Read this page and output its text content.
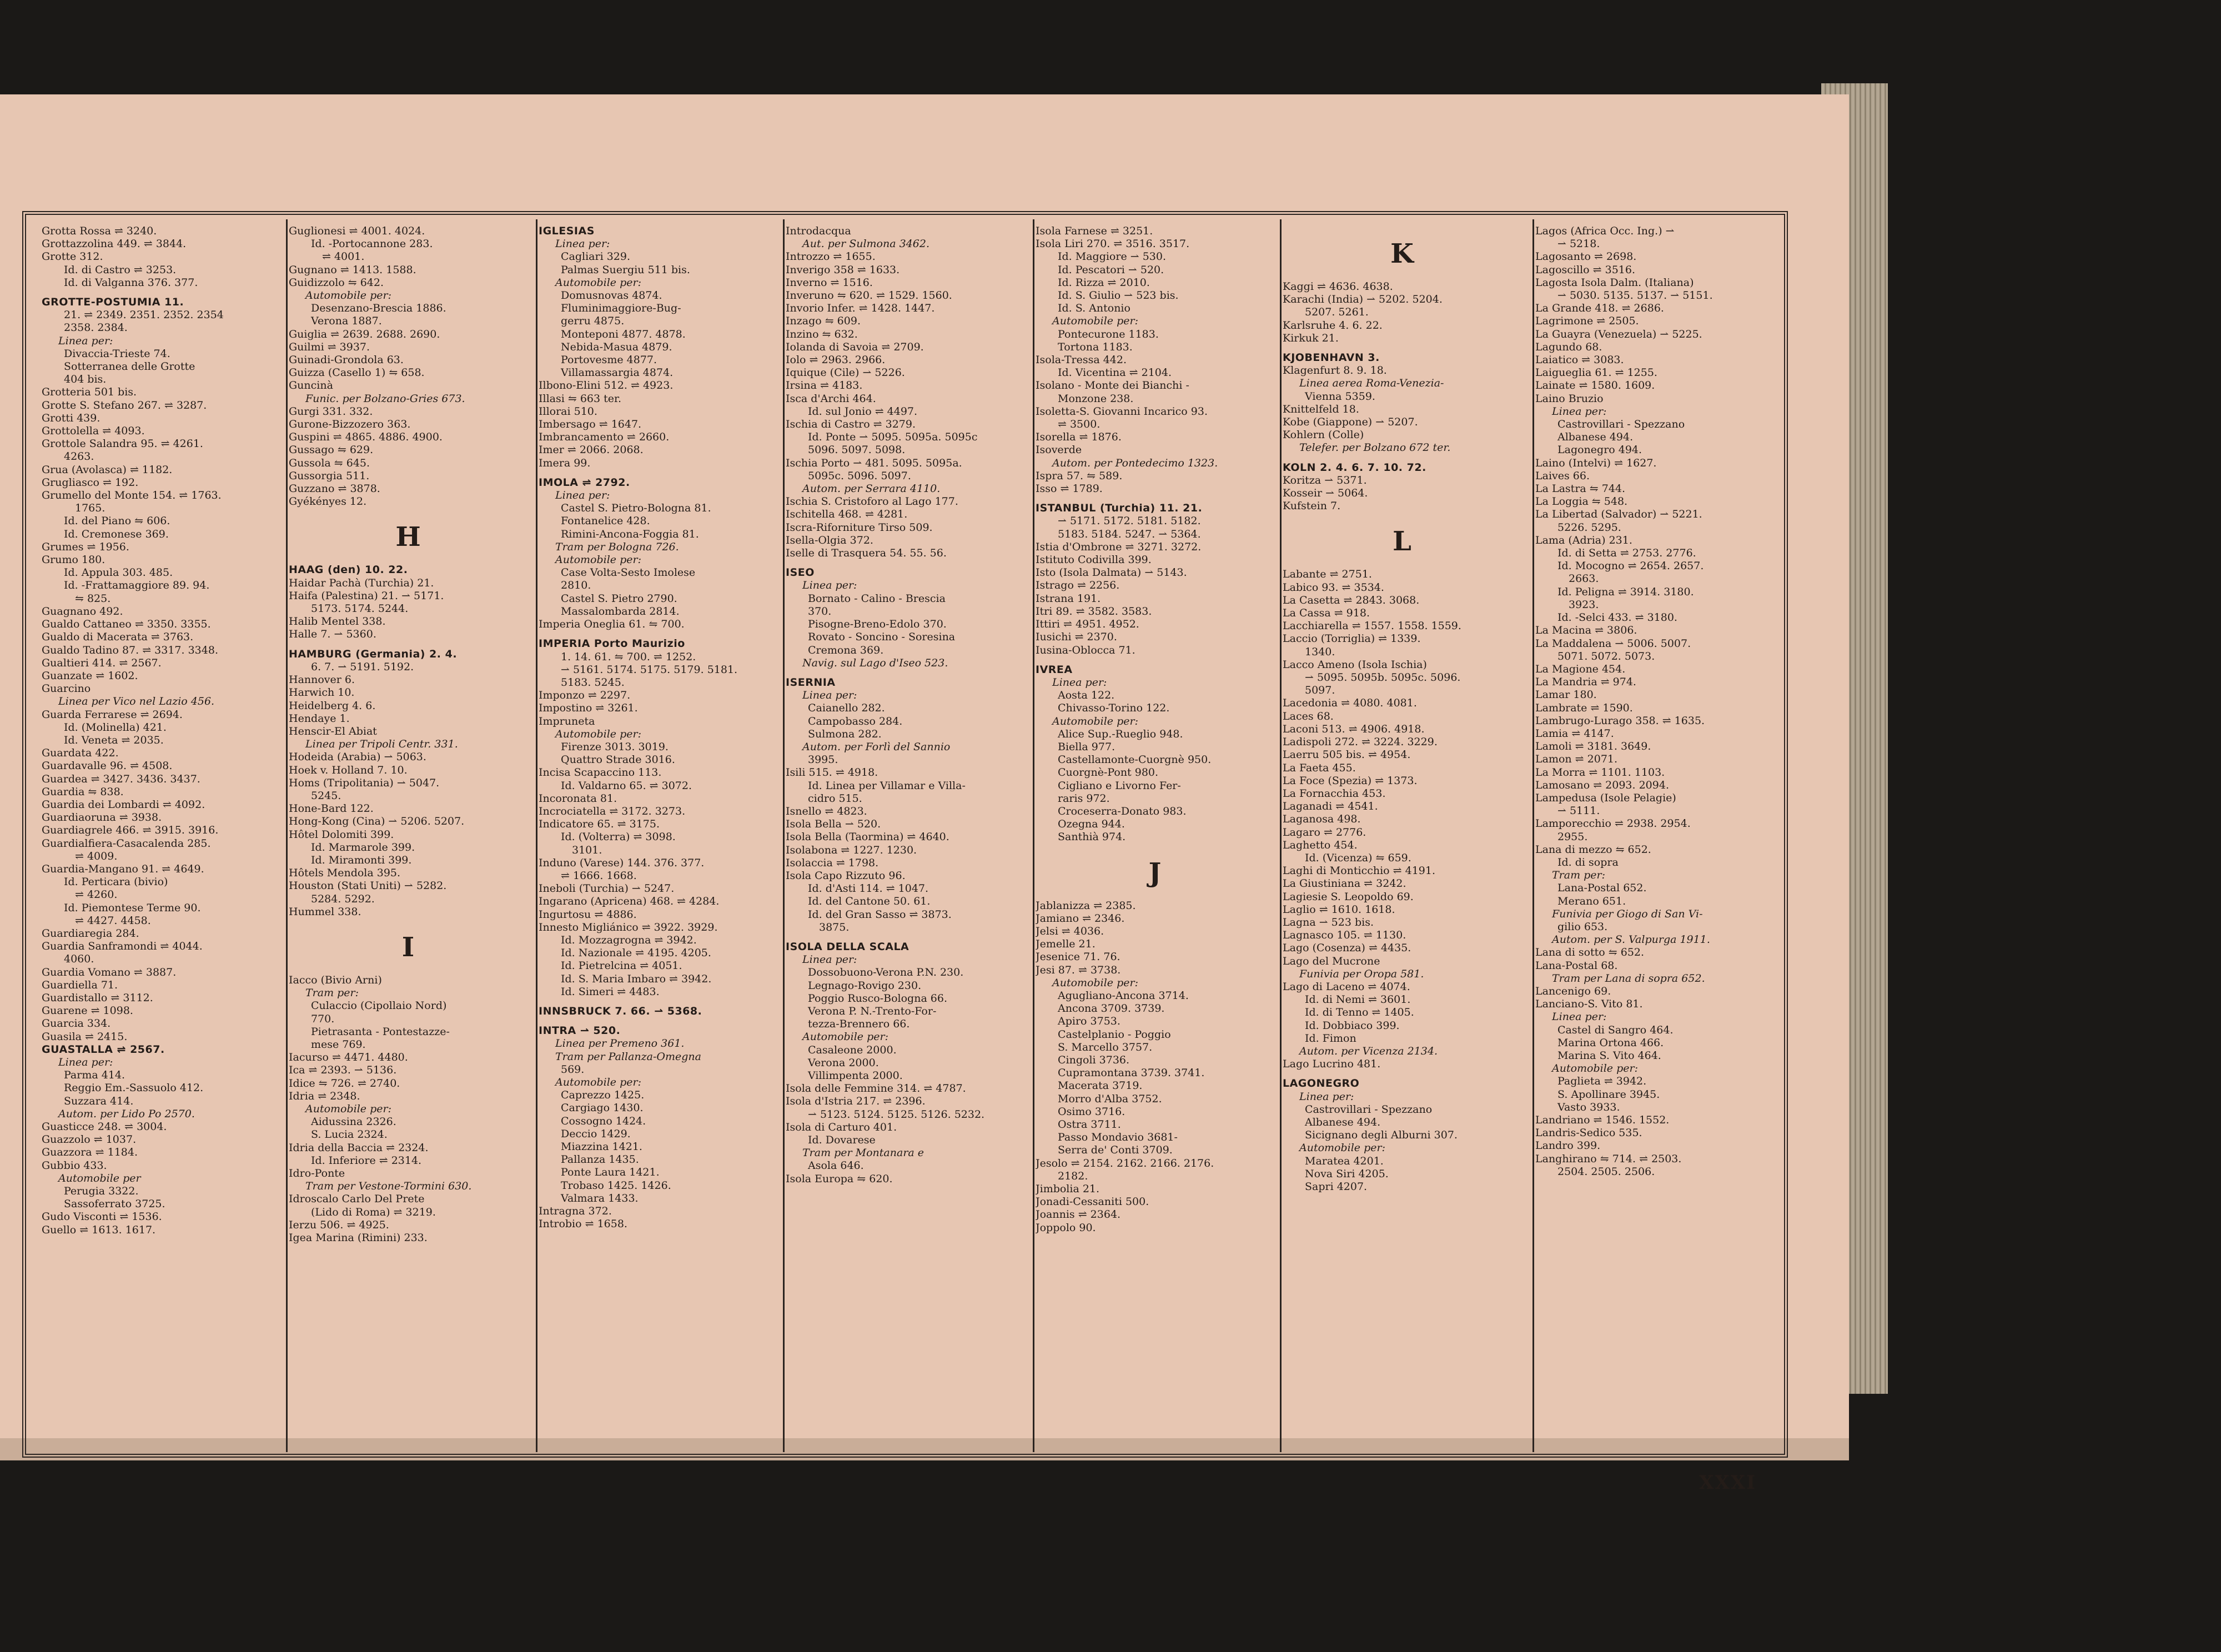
Grotta Rossa ⇌ 3240.
Grottazzolina 449. ⇌ 3844.
Grotte 312.
Id. di Castro ⇌ 3253.
Id. di Valganna 376. 377.
GROTTE-POSTUMIA 11.
21. ⇌ 2349. 2351. 2352. 2354
2358. 2384.
Linea per:
Divaccia-Trieste 74.
Sotterranea delle Grotte
404 bis.
Grotteria 501 bis.
Grotte S. Stefano 267. ⇌ 3287.
Grotti 439.
Grottolella ⇌ 4093.
Grottole Salandra 95. ⇌ 4261.
4263.
Grua (Avolasca) ⇌ 1182.
Grugliasco ⇌ 192.
Grumello del Monte 154. ⇌ 1763.
1765.
Id. del Piano ⇋ 606.
Id. Cremonese 369.
Grumes ⇌ 1956.
Grumo 180.
Id. Appula 303. 485.
Id. -Frattamaggiore 89. 94.
⇋ 825.
Guagnano 492.
Gualdo Cattaneo ⇌ 3350. 3355.
Gualdo di Macerata ⇌ 3763.
Gualdo Tadino 87. ⇌ 3317. 3348.
Gualtieri 414. ⇌ 2567.
Guanzate ⇌ 1602.
Guarcino
Linea per Vico nel Lazio 456.
Guarda Ferrarese ⇌ 2694.
Id. (Molinella) 421.
Id. Veneta ⇌ 2035.
Guardata 422.
Guardavalle 96. ⇌ 4508.
Guardea ⇌ 3427. 3436. 3437.
Guardia ⇋ 838.
Guardia dei Lombardi ⇌ 4092.
Guardiaoruna ⇌ 3938.
Guardiagrele 466. ⇌ 3915. 3916.
Guardialfiera-Casacalenda 285.
⇌ 4009.
Guardia-Mangano 91. ⇌ 4649.
Id. Perticara (bivio)
⇌ 4260.
Id. Piemontese Terme 90.
⇌ 4427. 4458.
Guardiaregia 284.
Guardia Sanframondi ⇌ 4044.
4060.
Guardia Vomano ⇌ 3887.
Guardiella 71.
Guardistallo ⇌ 3112.
Guarene ⇌ 1098.
Guarcia 334.
Guasila ⇌ 2415.
GUASTALLA ⇌ 2567.
Linea per:
Parma 414.
Reggio Em.-Sassuolo 412.
Suzzara 414.
Autom. per Lido Po 2570.
Guasticce 248. ⇌ 3004.
Guazzolo ⇌ 1037.
Guazzora ⇌ 1184.
Gubbio 433.
Automobile per
Perugia 3322.
Sassoferrato 3725.
Gudo Visconti ⇌ 1536.
Guello ⇌ 1613. 1617.
Guglionesi ⇌ 4001. 4024.
Id. -Portocannone 283.
⇌ 4001.
Gugnano ⇌ 1413. 1588.
Guidizzolo ⇋ 642.
Automobile per:
Desenzano-Brescia 1886.
Verona 1887.
Guiglia ⇌ 2639. 2688. 2690.
Guilmi ⇌ 3937.
Guinadi-Grondola 63.
Guizza (Casello 1) ⇋ 658.
Guncinà
Funic. per Bolzano-Gries 673.
Gurgi 331. 332.
Gurone-Bizzozero 363.
Guspini ⇌ 4865. 4886. 4900.
Gussago ⇋ 629.
Gussola ⇋ 645.
Gussorgia 511.
Guzzano ⇌ 3878.
Gyékényes 12.
H
HAAG (den) 10. 22.
Haidar Pachà (Turchia) 21.
Haifa (Palestina) 21. ⇀ 5171.
5173. 5174. 5244.
Halib Mentel 338.
Halle 7. ⇀ 5360.
HAMBURG (Germania) 2. 4.
6. 7. ⇀ 5191. 5192.
Hannover 6.
Harwich 10.
Heidelberg 4. 6.
Hendaye 1.
Henscir-El Abiat
Linea per Tripoli Centr. 331.
Hodeida (Arabia) ⇀ 5063.
Hoek v. Holland 7. 10.
Homs (Tripolitania) ⇀ 5047.
5245.
Hone-Bard 122.
Hong-Kong (Cina) ⇀ 5206. 5207.
Hôtel Dolomiti 399.
Id. Marmarole 399.
Id. Miramonti 399.
Hôtels Mendola 395.
Houston (Stati Uniti) ⇀ 5282.
5284. 5292.
Hummel 338.
I
Iacco (Bivio Arni)
Tram per:
Culaccio (Cipollaio Nord)
770.
Pietrasanta - Pontestazze-
mese 769.
Iacurso ⇌ 4471. 4480.
Ica ⇌ 2393. ⇀ 5136.
Idice ⇋ 726. ⇌ 2740.
Idria ⇌ 2348.
Automobile per:
Aidussina 2326.
S. Lucia 2324.
Idria della Baccia ⇌ 2324.
Id. Inferiore ⇌ 2314.
Idro-Ponte
Tram per Vestone-Tormini 630.
Idroscalo Carlo Del Prete
(Lido di Roma) ⇌ 3219.
Ierzu 506. ⇌ 4925.
Igea Marina (Rimini) 233.
IGLESIAS
Linea per:
Cagliari 329.
Palmas Suergiu 511 bis.
Automobile per:
Domusnovas 4874.
Fluminimaggiore-Bug-
gerru 4875.
Monteponi 4877. 4878.
Nebida-Masua 4879.
Portovesme 4877.
Villamassargia 4874.
Ilbono-Elini 512. ⇌ 4923.
Illasi ⇋ 663 ter.
Illorai 510.
Imbersago ⇌ 1647.
Imbrancamento ⇌ 2660.
Imer ⇌ 2066. 2068.
Imera 99.
IMOLA ⇌ 2792.
Linea per:
Castel S. Pietro-Bologna 81.
Fontanelice 428.
Rimini-Ancona-Foggia 81.
Tram per Bologna 726.
Automobile per:
Case Volta-Sesto Imolese
2810.
Castel S. Pietro 2790.
Massalombarda 2814.
Imperia Oneglia 61. ⇋ 700.
IMPERIA Porto Maurizio
1. 14. 61. ⇋ 700. ⇌ 1252.
⇀ 5161. 5174. 5175. 5179. 5181.
5183. 5245.
Imponzo ⇌ 2297.
Impostino ⇌ 3261.
Impruneta
Automobile per:
Firenze 3013. 3019.
Quattro Strade 3016.
Incisa Scapaccino 113.
Id. Valdarno 65. ⇌ 3072.
Incoronata 81.
Incrociatella ⇌ 3172. 3273.
Indicatore 65. ⇌ 3175.
Id. (Volterra) ⇌ 3098.
3101.
Induno (Varese) 144. 376. 377.
⇌ 1666. 1668.
Ineboli (Turchia) ⇀ 5247.
Ingarano (Apricena) 468. ⇌ 4284.
Ingurtosu ⇌ 4886.
Innesto Migliánico ⇌ 3922. 3929.
Id. Mozzagrogna ⇌ 3942.
Id. Nazionale ⇌ 4195. 4205.
Id. Pietrelcina ⇌ 4051.
Id. S. Maria Imbaro ⇌ 3942.
Id. Simeri ⇌ 4483.
INNSBRUCK 7. 66. ⇀ 5368.
INTRA ⇀ 520.
Linea per Premeno 361.
Tram per Pallanza-Omegna
569.
Automobile per:
Caprezzo 1425.
Cargiago 1430.
Cossogno 1424.
Deccio 1429.
Miazzina 1421.
Pallanza 1435.
Ponte Laura 1421.
Trobaso 1425. 1426.
Valmara 1433.
Intragna 372.
Introbio ⇌ 1658.
Introdacqua
Aut. per Sulmona 3462.
Introzzo ⇌ 1655.
Inverigo 358 ⇌ 1633.
Inverno ⇌ 1516.
Inveruno ⇋ 620. ⇌ 1529. 1560.
Invorio Infer. ⇌ 1428. 1447.
Inzago ⇋ 609.
Inzino ⇋ 632.
Iolanda di Savoia ⇌ 2709.
Iolo ⇌ 2963. 2966.
Iquique (Cile) ⇀ 5226.
Irsina ⇌ 4183.
Isca d'Archi 464.
Id. sul Jonio ⇌ 4497.
Ischia di Castro ⇌ 3279.
Id. Ponte ⇀ 5095. 5095a. 5095c
5096. 5097. 5098.
Ischia Porto ⇀ 481. 5095. 5095a.
5095c. 5096. 5097.
Autom. per Serrara 4110.
Ischia S. Cristoforo al Lago 177.
Ischitella 468. ⇌ 4281.
Iscra-Riforniture Tirso 509.
Isella-Olgia 372.
Iselle di Trasquera 54. 55. 56.
ISEO
Linea per:
Bornato - Calino - Brescia
370.
Pisogne-Breno-Edolo 370.
Rovato - Soncino - Soresina
Cremona 369.
Navig. sul Lago d'Iseo 523.
ISERNIA
Linea per:
Caianello 282.
Campobasso 284.
Sulmona 282.
Autom. per Forlì del Sannio
3995.
Isili 515. ⇌ 4918.
Id. Linea per Villamar e Villa-
cidro 515.
Isnello ⇌ 4823.
Isola Bella ⇀ 520.
Isola Bella (Taormina) ⇌ 4640.
Isolabona ⇌ 1227. 1230.
Isolaccia ⇌ 1798.
Isola Capo Rizzuto 96.
Id. d'Asti 114. ⇌ 1047.
Id. del Cantone 50. 61.
Id. del Gran Sasso ⇌ 3873.
3875.
ISOLA DELLA SCALA
Linea per:
Dossobuono-Verona P.N. 230.
Legnago-Rovigo 230.
Poggio Rusco-Bologna 66.
Verona P. N.-Trento-For-
tezza-Brennero 66.
Automobile per:
Casaleone 2000.
Verona 2000.
Villimpenta 2000.
Isola delle Femmine 314. ⇌ 4787.
Isola d'Istria 217. ⇌ 2396.
⇀ 5123. 5124. 5125. 5126. 5232.
Isola di Carturo 401.
Id. Dovarese
Tram per Montanara e
Asola 646.
Isola Europa ⇋ 620.
Isola Farnese ⇌ 3251.
Isola Liri 270. ⇌ 3516. 3517.
Id. Maggiore ⇀ 530.
Id. Pescatori ⇀ 520.
Id. Rizza ⇌ 2010.
Id. S. Giulio ⇀ 523 bis.
Id. S. Antonio
Automobile per:
Pontecurone 1183.
Tortona 1183.
Isola-Tressa 442.
Id. Vicentina ⇌ 2104.
Isolano - Monte dei Bianchi -
Monzone 238.
Isoletta-S. Giovanni Incarico 93.
⇌ 3500.
Isorella ⇌ 1876.
Isoverde
Autom. per Pontedecimo 1323.
Ispra 57. ⇋ 589.
Isso ⇌ 1789.
ISTANBUL (Turchia) 11. 21.
⇀ 5171. 5172. 5181. 5182.
5183. 5184. 5247. ⇀ 5364.
Istia d'Ombrone ⇌ 3271. 3272.
Istituto Codivilla 399.
Isto (Isola Dalmata) ⇀ 5143.
Istrago ⇌ 2256.
Istrana 191.
Itri 89. ⇌ 3582. 3583.
Ittiri ⇌ 4951. 4952.
Iusichi ⇌ 2370.
Iusina-Oblocca 71.
IVREA
Linea per:
Aosta 122.
Chivasso-Torino 122.
Automobile per:
Alice Sup.-Rueglio 948.
Biella 977.
Castellamonte-Cuorgnè 950.
Cuorgnè-Pont 980.
Cigliano e Livorno Fer-
raris 972.
Croceserra-Donato 983.
Ozegna 944.
Santhià 974.
J
Jablanizza ⇌ 2385.
Jamiano ⇌ 2346.
Jelsi ⇌ 4036.
Jemelle 21.
Jesenice 71. 76.
Jesi 87. ⇌ 3738.
Automobile per:
Agugliano-Ancona 3714.
Ancona 3709. 3739.
Apiro 3753.
Castelplanio - Poggio
S. Marcello 3757.
Cingoli 3736.
Cupramontana 3739. 3741.
Macerata 3719.
Morro d'Alba 3752.
Osimo 3716.
Ostra 3711.
Passo Mondavio 3681-
Serra de' Conti 3709.
Jesolo ⇌ 2154. 2162. 2166. 2176.
2182.
Jimbolia 21.
Jonadi-Cessaniti 500.
Joannis ⇌ 2364.
Joppolo 90.
K
Kaggi ⇌ 4636. 4638.
Karachi (India) ⇀ 5202. 5204.
5207. 5261.
Karlsruhe 4. 6. 22.
Kirkuk 21.
KJOBENHAVN 3.
Klagenfurt 8. 9. 18.
Linea aerea Roma-Venezia-
Vienna 5359.
Knittelfeld 18.
Kobe (Giappone) ⇀ 5207.
Kohlern (Colle)
Telefer. per Bolzano 672 ter.
KOLN 2. 4. 6. 7. 10. 72.
Koritza ⇀ 5371.
Kosseir ⇀ 5064.
Kufstein 7.
L
Labante ⇌ 2751.
Labico 93. ⇌ 3534.
La Casetta ⇌ 2843. 3068.
La Cassa ⇌ 918.
Lacchiarella ⇌ 1557. 1558. 1559.
Laccio (Torriglia) ⇌ 1339.
1340.
Lacco Ameno (Isola Ischia)
⇀ 5095. 5095b. 5095c. 5096.
5097.
Lacedonia ⇌ 4080. 4081.
Laces 68.
Laconi 513. ⇌ 4906. 4918.
Ladispoli 272. ⇌ 3224. 3229.
Laerru 505 bis. ⇌ 4954.
La Faeta 455.
La Foce (Spezia) ⇌ 1373.
La Fornacchia 453.
Laganadi ⇌ 4541.
Laganosa 498.
Lagaro ⇌ 2776.
Laghetto 454.
Id. (Vicenza) ⇋ 659.
Laghi di Monticchio ⇌ 4191.
La Giustiniana ⇌ 3242.
Lagiesie S. Leopoldo 69.
Laglio ⇌ 1610. 1618.
Lagna ⇀ 523 bis.
Lagnasco 105. ⇌ 1130.
Lago (Cosenza) ⇌ 4435.
Lago del Mucrone
Funivia per Oropa 581.
Lago di Laceno ⇌ 4074.
Id. di Nemi ⇌ 3601.
Id. di Tenno ⇌ 1405.
Id. Dobbiaco 399.
Id. Fimon
Autom. per Vicenza 2134.
Lago Lucrino 481.
LAGONEGRO
Linea per:
Castrovillari - Spezzano
Albanese 494.
Sicignano degli Alburni 307.
Automobile per:
Maratea 4201.
Nova Siri 4205.
Sapri 4207.
Lagos (Africa Occ. Ing.) ⇀
⇀ 5218.
Lagosanto ⇌ 2698.
Lagoscillo ⇌ 3516.
Lagosta Isola Dalm. (Italiana)
⇀ 5030. 5135. 5137. ⇀ 5151.
La Grande 418. ⇌ 2686.
Lagrimone ⇌ 2505.
La Guayra (Venezuela) ⇀ 5225.
Lagundo 68.
Laiatico ⇌ 3083.
Laigueglia 61. ⇌ 1255.
Lainate ⇌ 1580. 1609.
Laino Bruzio
Linea per:
Castrovillari - Spezzano
Albanese 494.
Lagonegro 494.
Laino (Intelvi) ⇌ 1627.
Laives 66.
La Lastra ⇋ 744.
La Loggia ⇋ 548.
La Libertad (Salvador) ⇀ 5221.
5226. 5295.
Lama (Adria) 231.
Id. di Setta ⇌ 2753. 2776.
Id. Mocogno ⇌ 2654. 2657.
2663.
Id. Peligna ⇌ 3914. 3180.
3923.
Id. -Selci 433. ⇌ 3180.
La Macina ⇌ 3806.
La Maddalena ⇀ 5006. 5007.
5071. 5072. 5073.
La Magione 454.
La Mandria ⇌ 974.
Lamar 180.
Lambrate ⇌ 1590.
Lambrugo-Lurago 358. ⇌ 1635.
Lamia ⇌ 4147.
Lamoli ⇌ 3181. 3649.
Lamon ⇌ 2071.
La Morra ⇌ 1101. 1103.
Lamosano ⇌ 2093. 2094.
Lampedusa (Isole Pelagie)
⇀ 5111.
Lamporecchio ⇌ 2938. 2954.
2955.
Lana di mezzo ⇋ 652.
Id. di sopra
Tram per:
Lana-Postal 652.
Merano 651.
Funivia per Giogo di San Vi-
gilio 653.
Autom. per S. Valpurga 1911.
Lana di sotto ⇋ 652.
Lana-Postal 68.
Tram per Lana di sopra 652.
Lancenigo 69.
Lanciano-S. Vito 81.
Linea per:
Castel di Sangro 464.
Marina Ortona 466.
Marina S. Vito 464.
Automobile per:
Paglieta ⇌ 3942.
S. Apollinare 3945.
Vasto 3933.
Landriano ⇌ 1546. 1552.
Landris-Sedico 535.
Landro 399.
Langhirano ⇋ 714. ⇌ 2503.
2504. 2505. 2506.
XXXI
